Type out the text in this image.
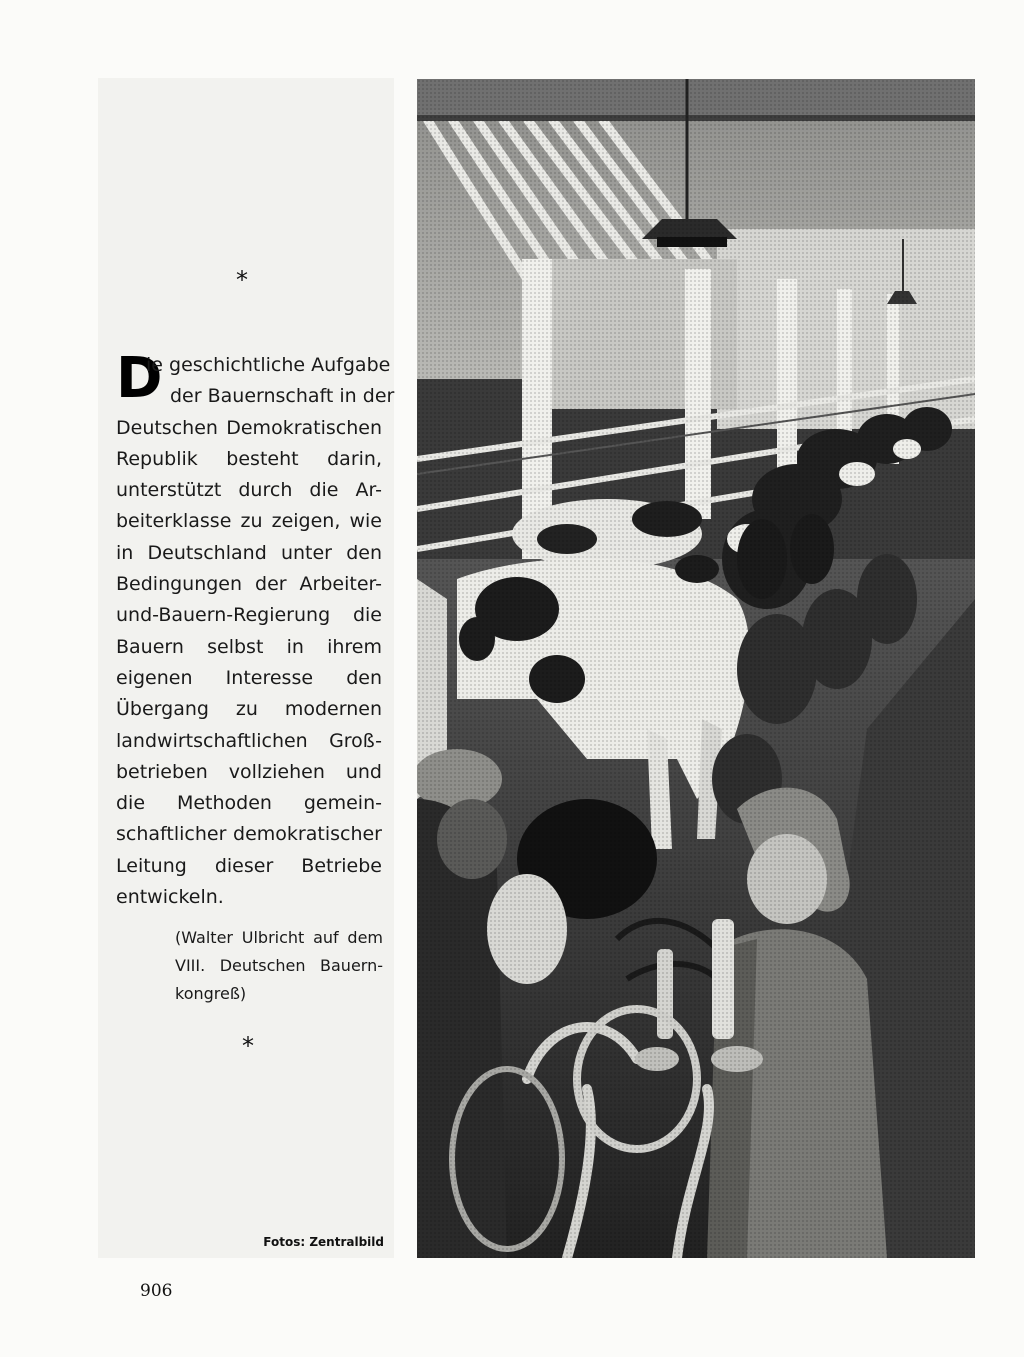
*
D
ie geschichtliche Aufgabe
der Bauernschaft in der
Deutschen Demokratischen
Republik besteht darin,
unterstützt durch die Ar-
beiterklasse zu zeigen, wie
in Deutschland unter den
Bedingungen der Arbeiter-
und-Bauern-Regierung die
Bauern selbst in ihrem
eigenen Interesse den
Übergang zu modernen
landwirtschaftlichen Groß-
betrieben vollziehen und
die Methoden gemein-
schaftlicher demokratischer
Leitung dieser Betriebe
entwickeln.
(Walter Ulbricht auf dem
VIII. Deutschen Bauern-
kongreß)
*
Fotos: Zentralbild
906
